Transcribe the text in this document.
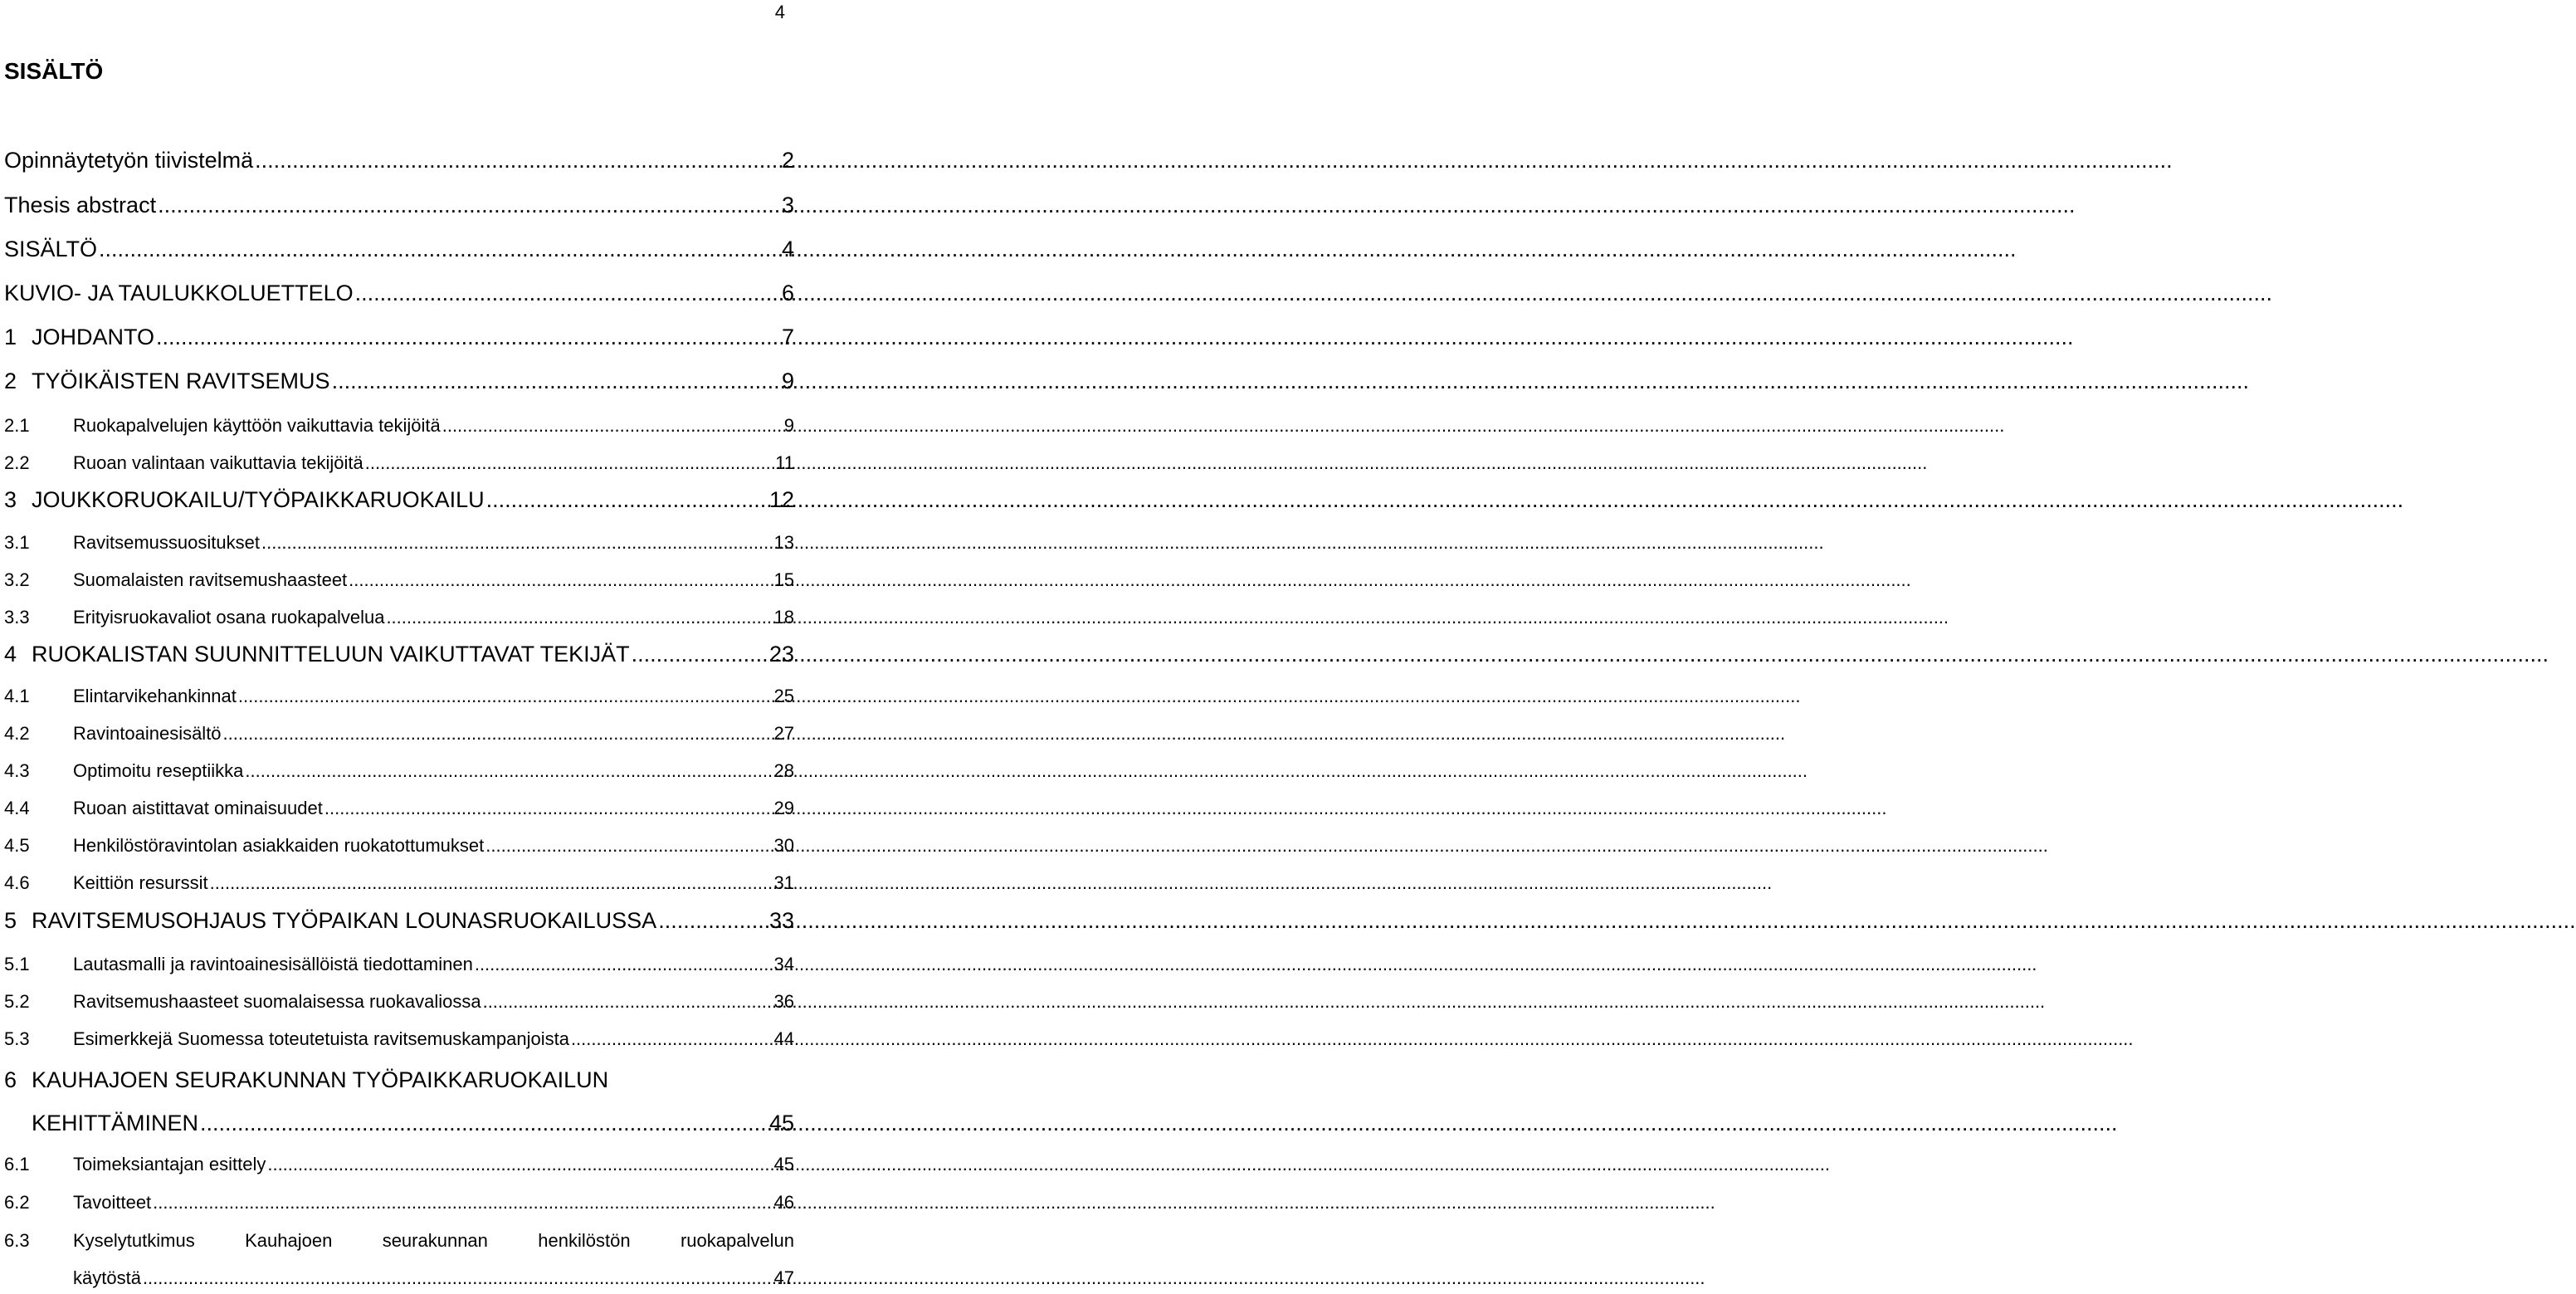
4
SISÄLTÖ
Opinnäytetyön tiivistelmä .....	2
Thesis abstract .....	3
SISÄLTÖ .....	4
KUVIO- JA TAULUKKOLUETTELO .....	6
1 JOHDANTO .....	7
2 TYÖIKÄISTEN RAVITSEMUS .....	9
2.1	Ruokapalvelujen käyttöön vaikuttavia tekijöitä .....	9
2.2	Ruoan valintaan vaikuttavia tekijöitä .....	11
3 JOUKKORUOKAILU/TYÖPAIKKARUOKAILU .....	12
3.1	Ravitsemussuositukset .....	13
3.2	Suomalaisten ravitsemushaasteet .....	15
3.3	Erityisruokavaliot osana ruokapalvelua .....	18
4 RUOKALISTAN SUUNNITTELUUN VAIKUTTAVAT TEKIJÄT .....	23
4.1	Elintarvikehankinnat .....	25
4.2	Ravintoainesisältö .....	27
4.3	Optimoitu reseptiikka .....	28
4.4	Ruoan aistittavat ominaisuudet .....	29
4.5	Henkilöstöravintolan asiakkaiden ruokatottumukset .....	30
4.6	Keittiön resurssit .....	31
5 RAVITSEMUSOHJAUS TYÖPAIKAN LOUNASRUOKAILUSSA .....	33
5.1	Lautasmalli ja ravintoainesisällöistä tiedottaminen .....	34
5.2	Ravitsemushaasteet suomalaisessa ruokavaliossa .....	36
5.3	Esimerkkejä Suomessa toteutetuista ravitsemuskampanjoista .....	44
6 KAUHAJOEN SEURAKUNNAN TYÖPAIKKARUOKAILUN
KEHITTÄMINEN .....	45
6.1	Toimeksiantajan esittely .....	45
6.2	Tavoitteet .....	46
6.3	Kyselytutkimus	Kauhajoen	seurakunnan	henkilöstön	ruokapalvelun
käytöstä .....	47
